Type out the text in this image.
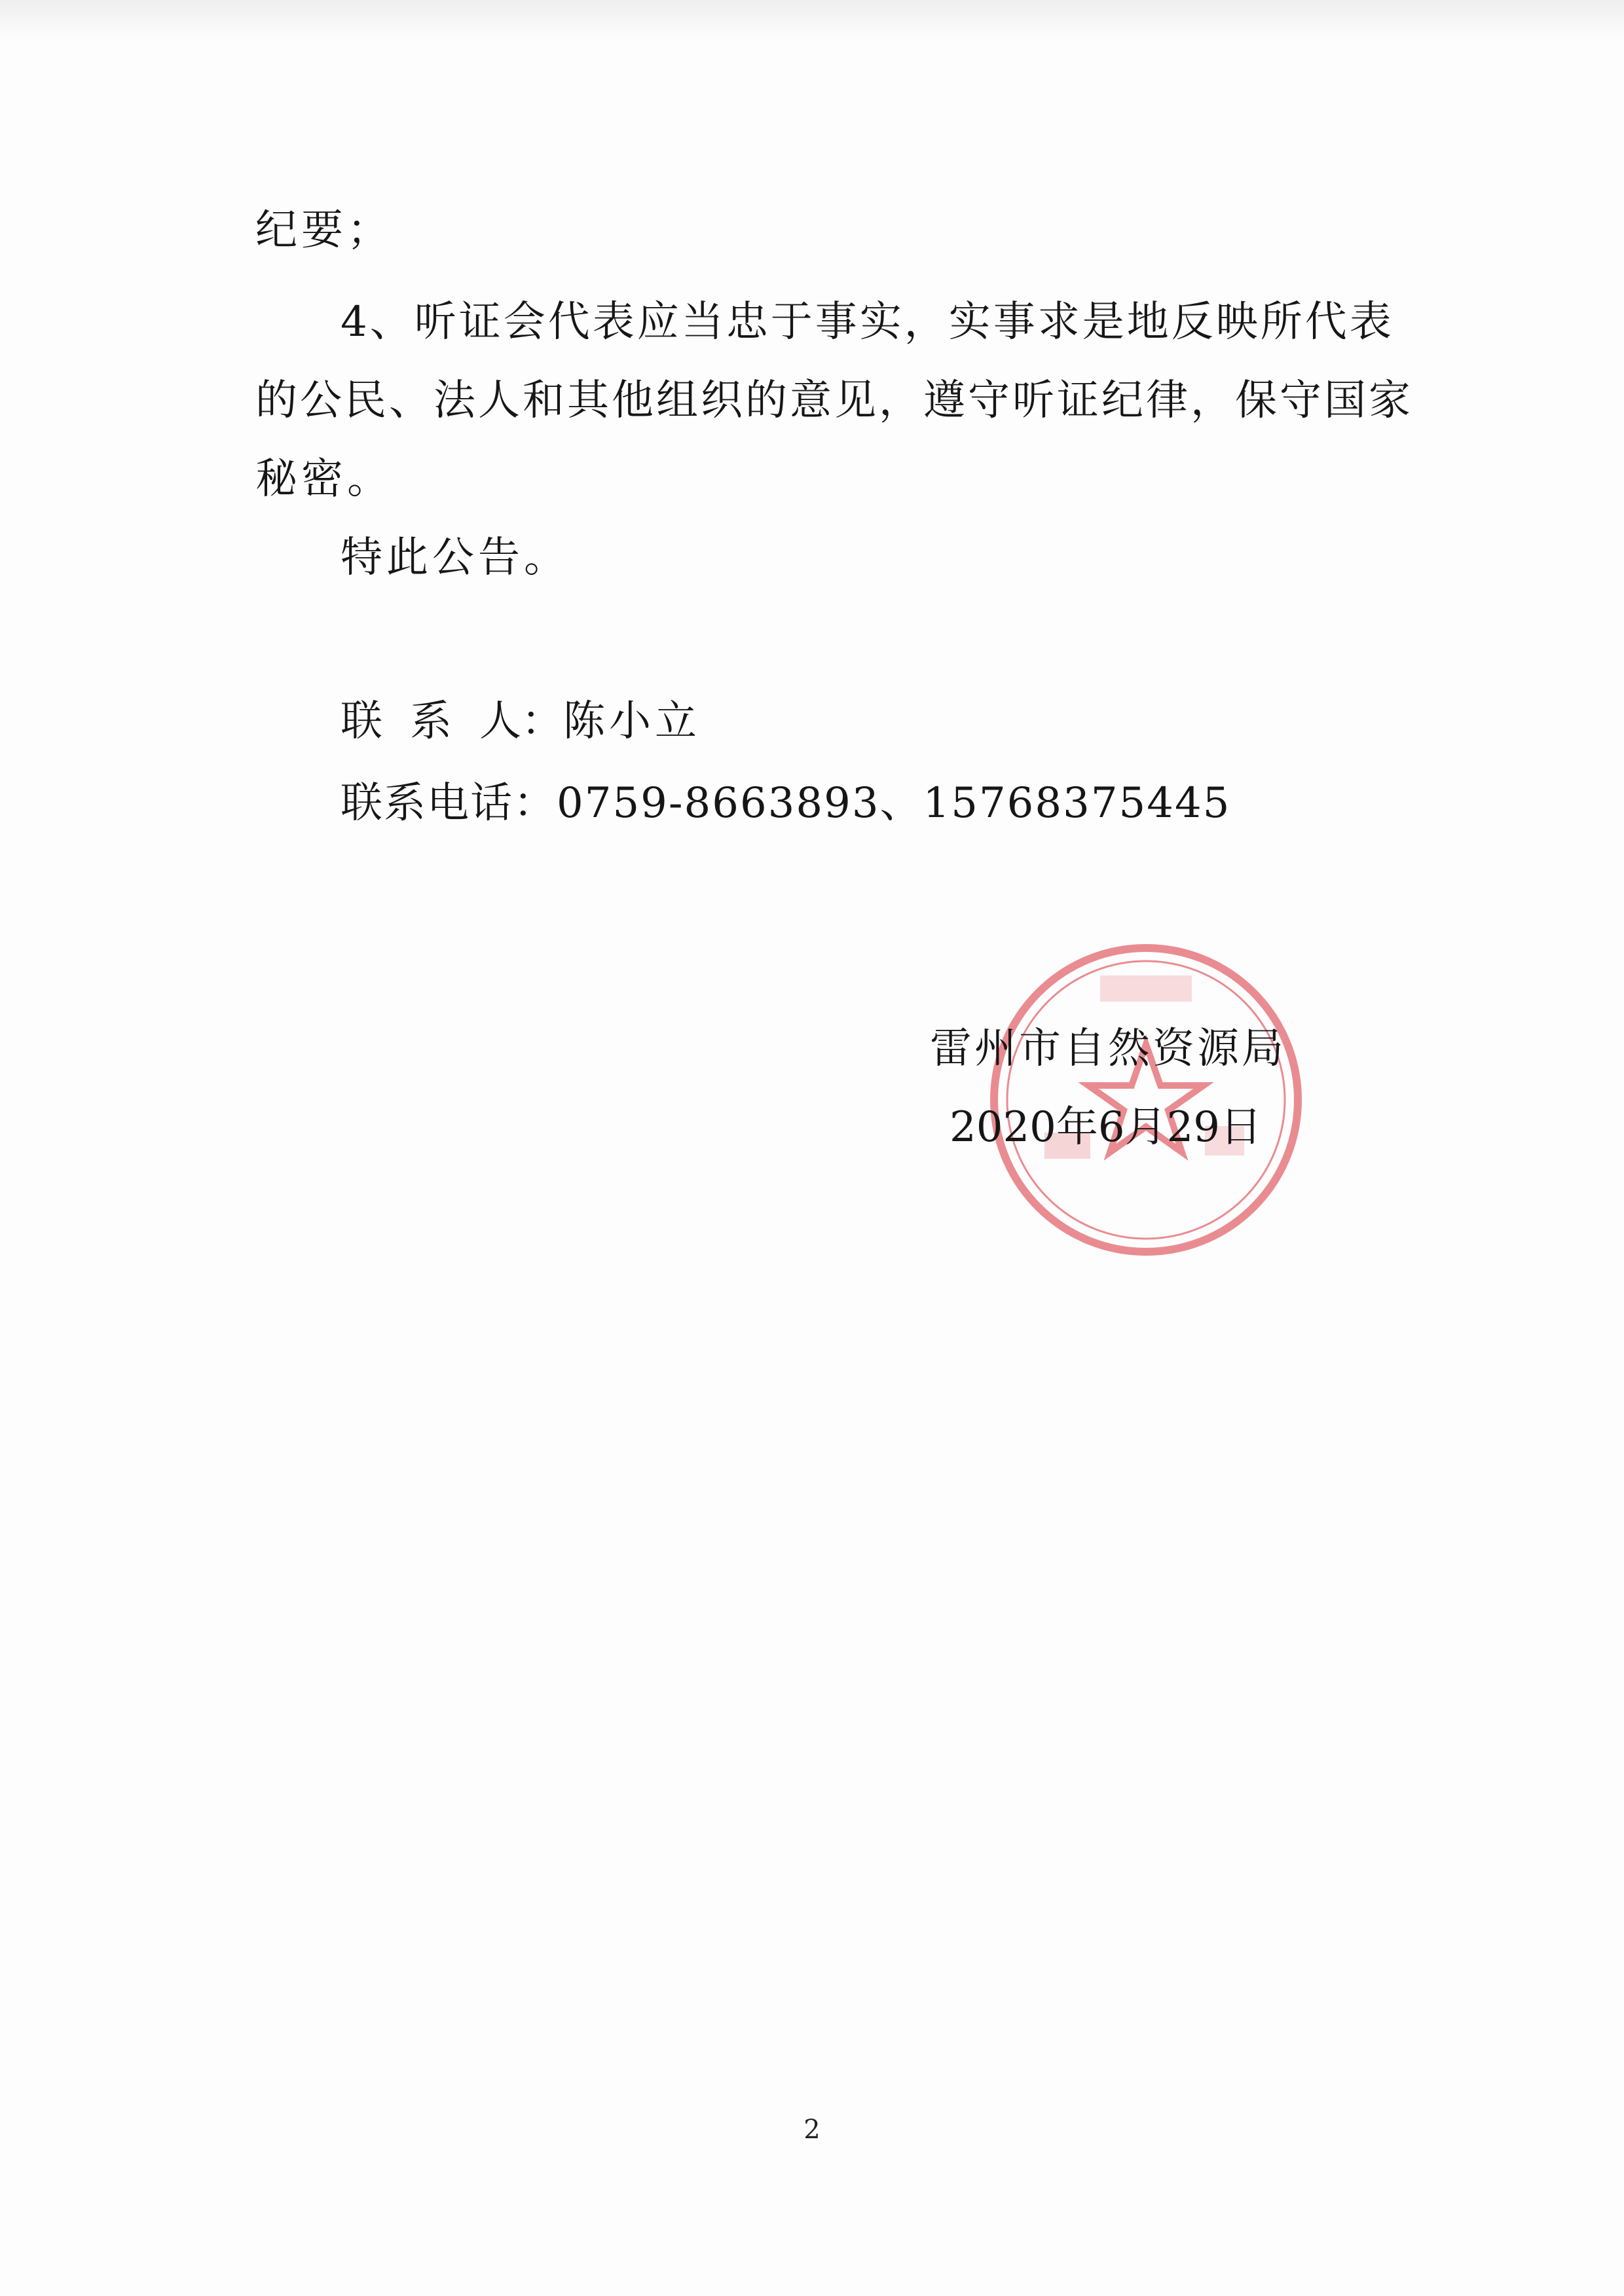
纪要；
4、听证会代表应当忠于事实，实事求是地反映所代表
的公民、法人和其他组织的意见，遵守听证纪律，保守国家
秘密。
特此公告。
联系人：陈小立
联系电话：0759-8663893、15768375445
雷州市自然资源局
2020年6月29日
2
